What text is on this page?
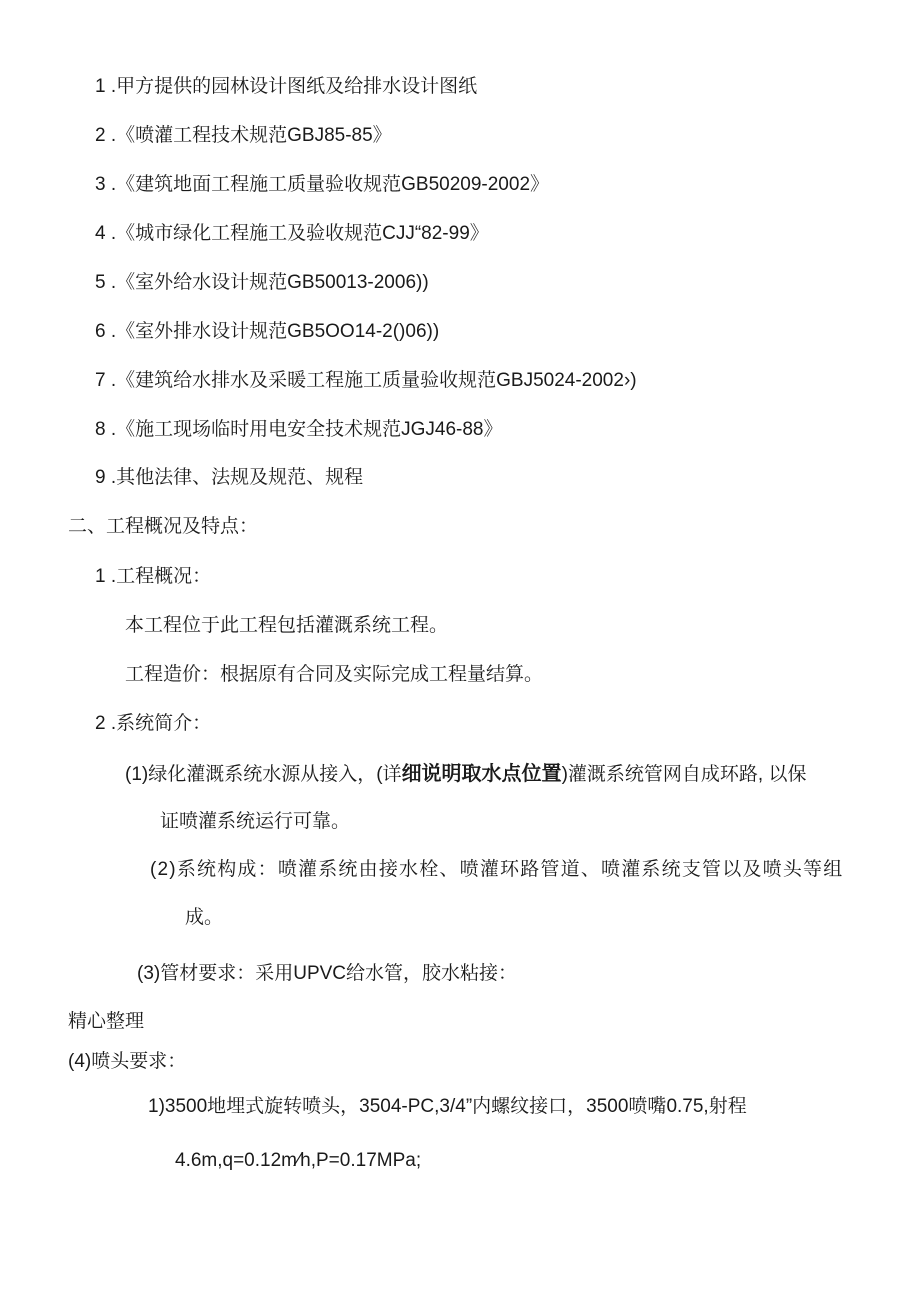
1 .甲方提供的园林设计图纸及给排水设计图纸
2 .《喷灌工程技术规范GBJ85-85》
3 .《建筑地面工程施工质量验收规范GB50209-2002》
4 .《城市绿化工程施工及验收规范CJJ“82-99》
5 .《室外给水设计规范GB50013-2006))
6 .《室外排水设计规范GB5OO14-2()06))
7 .《建筑给水排水及采暖工程施工质量验收规范GBJ5024-2002›)
8 .《施工现场临时用电安全技术规范JGJ46-88》
9 .其他法律、法规及规范、规程
二、工程概况及特点：
1 .工程概况：
本工程位于此工程包括灌溉系统工程。
工程造价：根据原有合同及实际完成工程量结算。
2 .系统简介：
(1)绿化灌溉系统水源从接入，(详细说明取水点位置)灌溉系统管网自成环路, 以保
证喷灌系统运行可靠。
(2)系统构成：喷灌系统由接水栓、喷灌环路管道、喷灌系统支管以及喷头等组
成。
(3)管材要求：采用UPVC给水管，胶水粘接：
精心整理
(4)喷头要求：
1)3500地埋式旋转喷头，3504-PC,3/4”内螺纹接口，3500喷嘴0.75,射程
4.6m,q=0.12m∕h,P=0.17MPa;
